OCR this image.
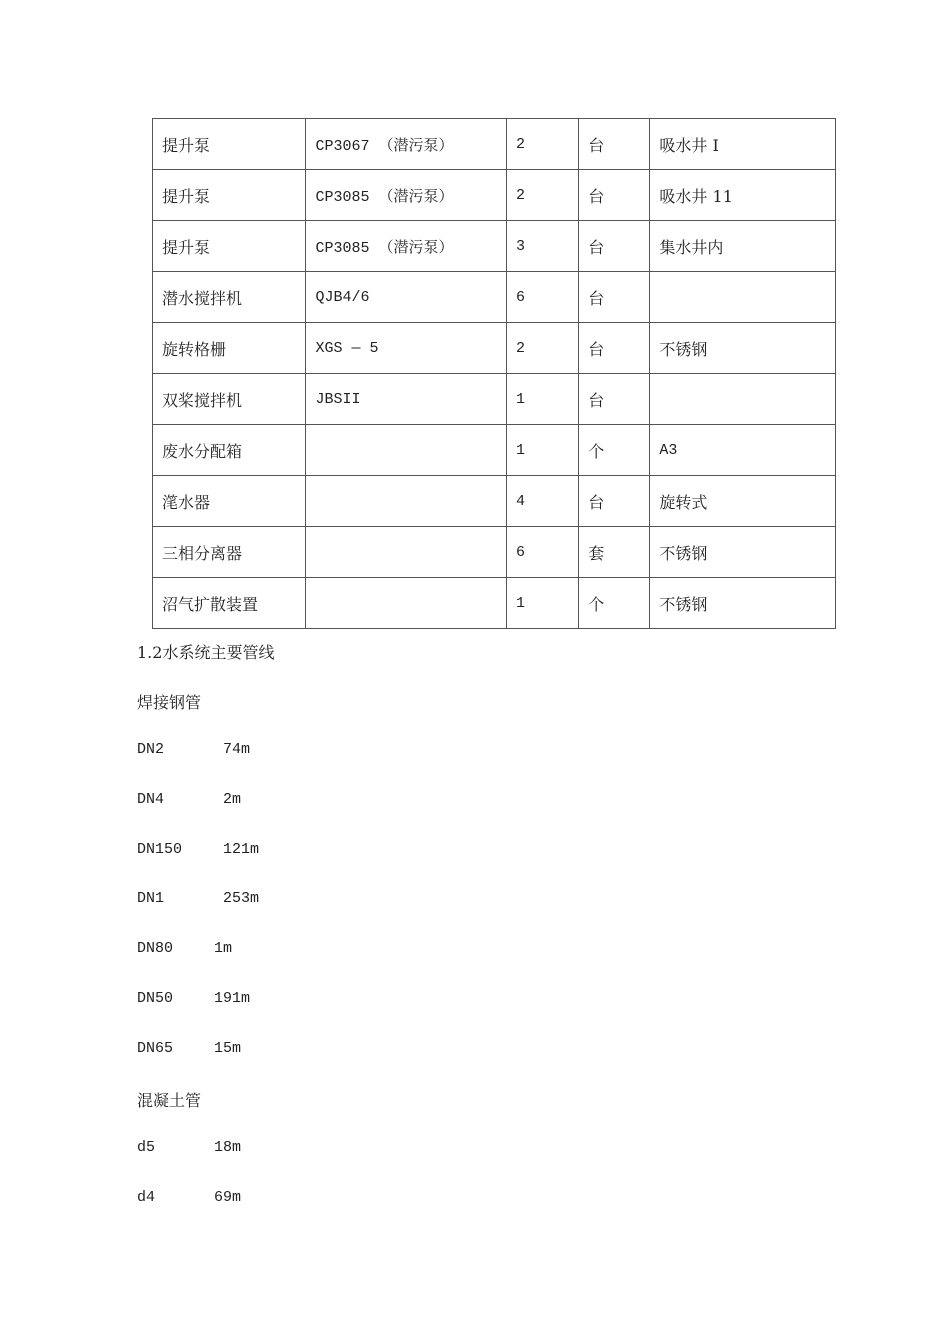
提升泵	CP3067 （潜污泵）	2	台	吸水井 I
提升泵	CP3085 （潜污泵）	2	台	吸水井 11
提升泵	CP3085 （潜污泵）	3	台	集水井内
潜水搅拌机	QJB4/6	6	台	
旋转格栅	XGS — 5	2	台	不锈钢
双桨搅拌机	JBSII	1	台	
废水分配箱		1	个	A3
滗水器		4	台	旋转式
三相分离器		6	套	不锈钢
沼气扩散装置		1	个	不锈钢
1.2水系统主要管线
焊接钢管
DN2	74m
DN4	2m
DN150	121m
DN1	253m
DN80	1m
DN50	191m
DN65	15m
混凝土管
d5	18m
d4	69m
